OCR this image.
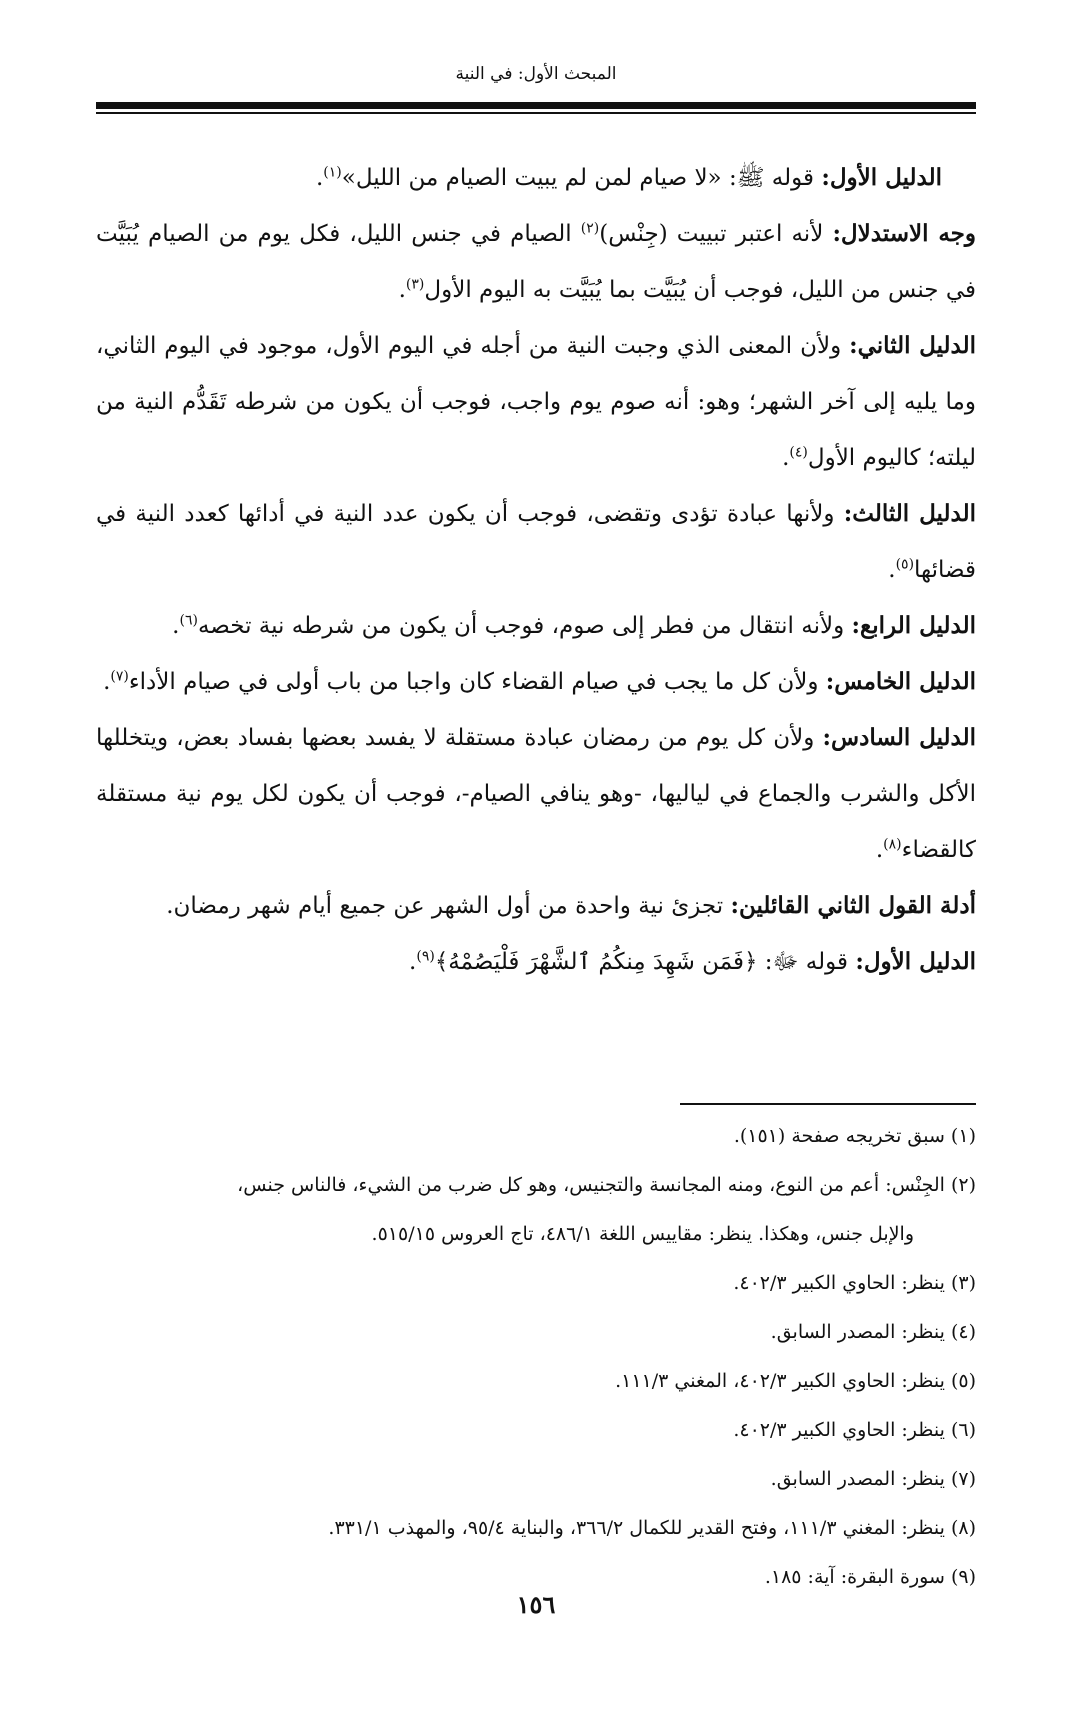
المبحث الأول: في النية

الدليل الأول: قوله ﷺ: «لا صيام لمن لم يبيت الصيام من الليل»$^{(١)}$.

وجه الاستدلال: لأنه اعتبر تبييت (جِنْس)$^{(٢)}$ الصيام في جنس الليل، فكل يوم من الصيام يُبَيَّت في جنس من الليل، فوجب أن يُبَيَّت بما يُبَيَّت به اليوم الأول$^{(٣)}$.

الدليل الثاني: ولأن المعنى الذي وجبت النية من أجله في اليوم الأول، موجود في اليوم الثاني، وما يليه إلى آخر الشهر؛ وهو: أنه صوم يوم واجب، فوجب أن يكون من شرطه تَقَدُّم النية من ليلته؛ كاليوم الأول$^{(٤)}$.

الدليل الثالث: ولأنها عبادة تؤدى وتقضى، فوجب أن يكون عدد النية في أدائها كعدد النية في قضائها$^{(٥)}$.

الدليل الرابع: ولأنه انتقال من فطر إلى صوم، فوجب أن يكون من شرطه نية تخصه$^{(٦)}$.

الدليل الخامس: ولأن كل ما يجب في صيام القضاء كان واجبا من باب أولى في صيام الأداء$^{(٧)}$.

الدليل السادس: ولأن كل يوم من رمضان عبادة مستقلة لا يفسد بعضها بفساد بعض، ويتخللها الأكل والشرب والجماع في لياليها، -وهو ينافي الصيام-، فوجب أن يكون لكل يوم نية مستقلة كالقضاء$^{(٨)}$.

أدلة القول الثاني القائلين: تجزئ نية واحدة من أول الشهر عن جميع أيام شهر رمضان.

الدليل الأول: قوله ﷻ: ﴿فَمَن شَهِدَ مِنكُمُ ٱلشَّهْرَ فَلْيَصُمْهُ﴾$^{(٩)}$.

(١) سبق تخريجه صفحة (١٥١).

(٢) الجِنْس: أعم من النوع، ومنه المجانسة والتجنيس، وهو كل ضرب من الشيء، فالناس جنس،

والإبل جنس، وهكذا. ينظر: مقاييس اللغة ٤٨٦/١، تاج العروس ٥١٥/١٥.

(٣) ينظر: الحاوي الكبير ٤٠٢/٣.

(٤) ينظر: المصدر السابق.

(٥) ينظر: الحاوي الكبير ٤٠٢/٣، المغني ١١١/٣.

(٦) ينظر: الحاوي الكبير ٤٠٢/٣.

(٧) ينظر: المصدر السابق.

(٨) ينظر: المغني ١١١/٣، وفتح القدير للكمال ٣٦٦/٢، والبناية ٩٥/٤، والمهذب ٣٣١/١.

(٩) سورة البقرة: آية: ١٨٥.

١٥٦
